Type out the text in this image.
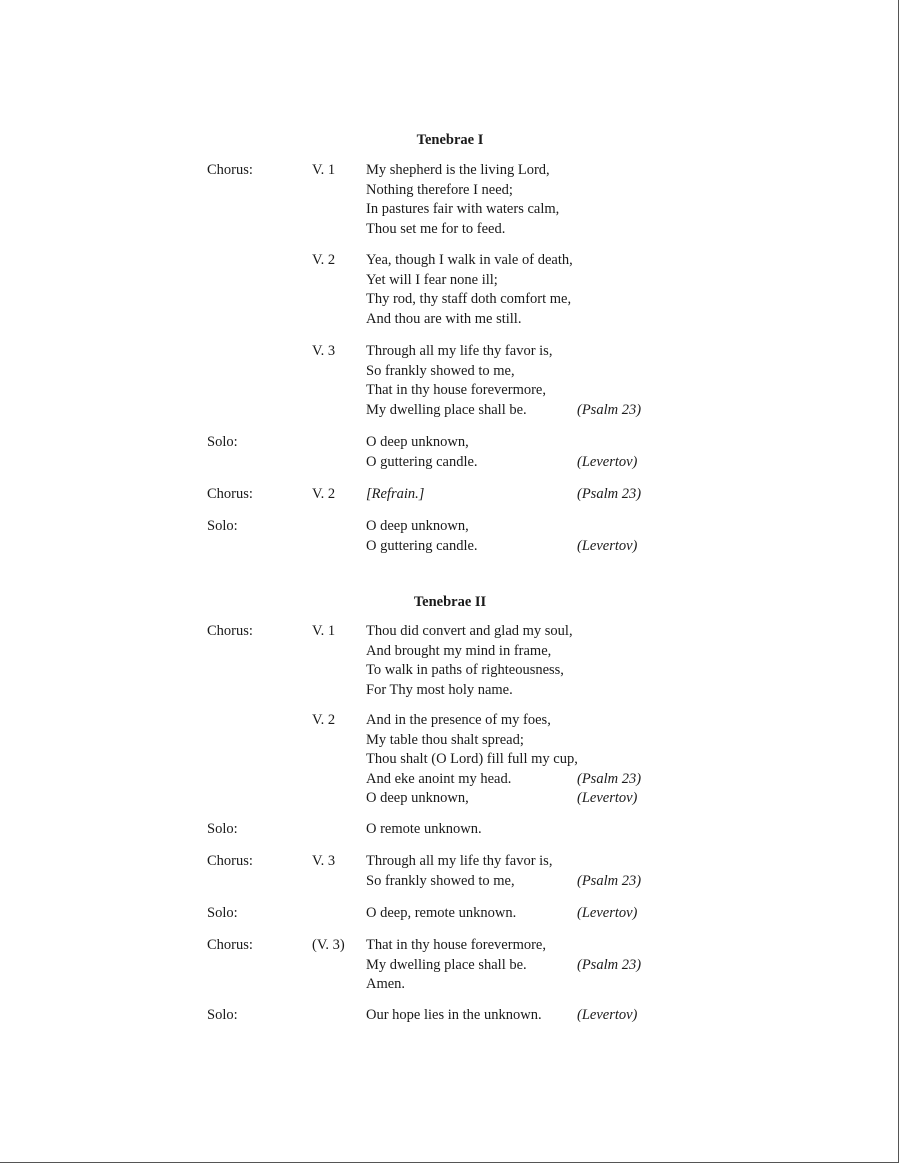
Tenebrae I
Chorus:	V. 1 My shepherd is the living Lord,
Nothing therefore I need;
In pastures fair with waters calm,
Thou set me for to feed.
V. 2 Yea, though I walk in vale of death,
Yet will I fear none ill;
Thy rod, thy staff doth comfort me,
And thou are with me still.
V. 3 Through all my life thy favor is,
So frankly showed to me,
That in thy house forevermore,
My dwelling place shall be.	(Psalm 23)
Solo:	O deep unknown,
O guttering candle.	(Levertov)
Chorus:	V. 2 [Refrain.]	(Psalm 23)
Solo:	O deep unknown,
O guttering candle.	(Levertov)
Tenebrae II
Chorus:	V. 1 Thou did convert and glad my soul,
And brought my mind in frame,
To walk in paths of righteousness,
For Thy most holy name.
V. 2 And in the presence of my foes,
My table thou shalt spread;
Thou shalt (O Lord) fill full my cup,
And eke anoint my head.	(Psalm 23)
O deep unknown,	(Levertov)
Solo:	O remote unknown.
Chorus:	V. 3 Through all my life thy favor is,
So frankly showed to me,	(Psalm 23)
Solo:	O deep, remote unknown.	(Levertov)
Chorus:	(V. 3) That in thy house forevermore,
My dwelling place shall be.	(Psalm 23)
Amen.
Solo:	Our hope lies in the unknown. (Levertov)
